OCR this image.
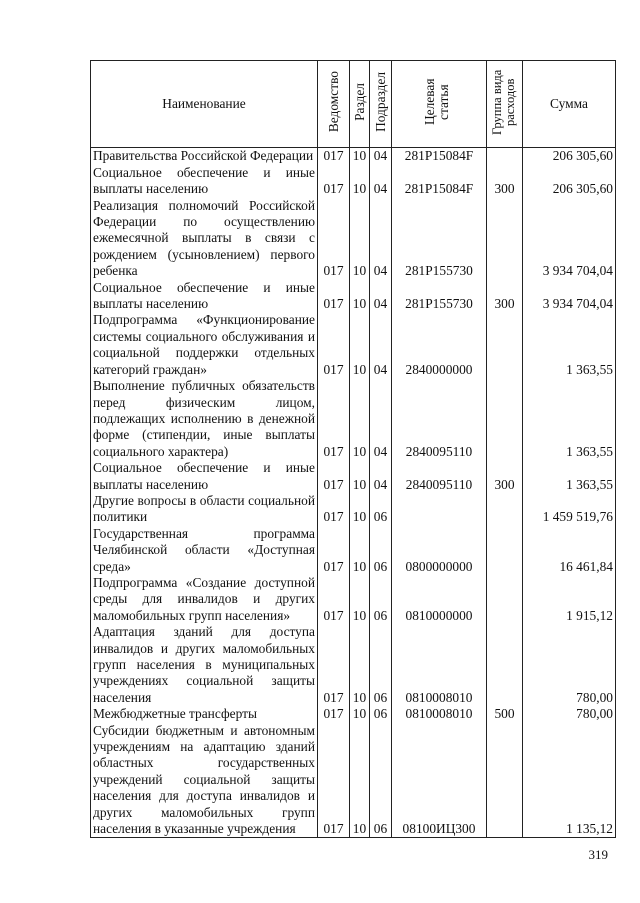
Наименование	Ведомство	Раздел	Подраздел	Целевая статья	Группа вида расходов	Сумма
Правительства Российской Федерации	017	10	04	281P15084F		206 305,60
Социальное обеспечение и иные выплаты населению	017	10	04	281P15084F	300	206 305,60
Реализация полномочий Российской Федерации по осуществлению ежемесячной выплаты в связи с рождением (усыновлением) первого ребенка	017	10	04	281P155730		3 934 704,04
Социальное обеспечение и иные выплаты населению	017	10	04	281P155730	300	3 934 704,04
Подпрограмма «Функционирование системы социального обслуживания и социальной поддержки отдельных категорий граждан»	017	10	04	2840000000		1 363,55
Выполнение публичных обязательств перед физическим лицом, подлежащих исполнению в денежной форме (стипендии, иные выплаты социального характера)	017	10	04	2840095110		1 363,55
Социальное обеспечение и иные выплаты населению	017	10	04	2840095110	300	1 363,55
Другие вопросы в области социальной политики	017	10	06			1 459 519,76
Государственная программа Челябинской области «Доступная среда»	017	10	06	0800000000		16 461,84
Подпрограмма «Создание доступной среды для инвалидов и других маломобильных групп населения»	017	10	06	0810000000		1 915,12
Адаптация зданий для доступа инвалидов и других маломобильных групп населения в муниципальных учреждениях социальной защиты населения	017	10	06	0810008010		780,00
Межбюджетные трансферты	017	10	06	0810008010	500	780,00
Субсидии бюджетным и автономным учреждениям на адаптацию зданий областных государственных учреждений социальной защиты населения для доступа инвалидов и других маломобильных групп населения в указанные учреждения	017	10	06	08100ИЦ300		1 135,12
319
